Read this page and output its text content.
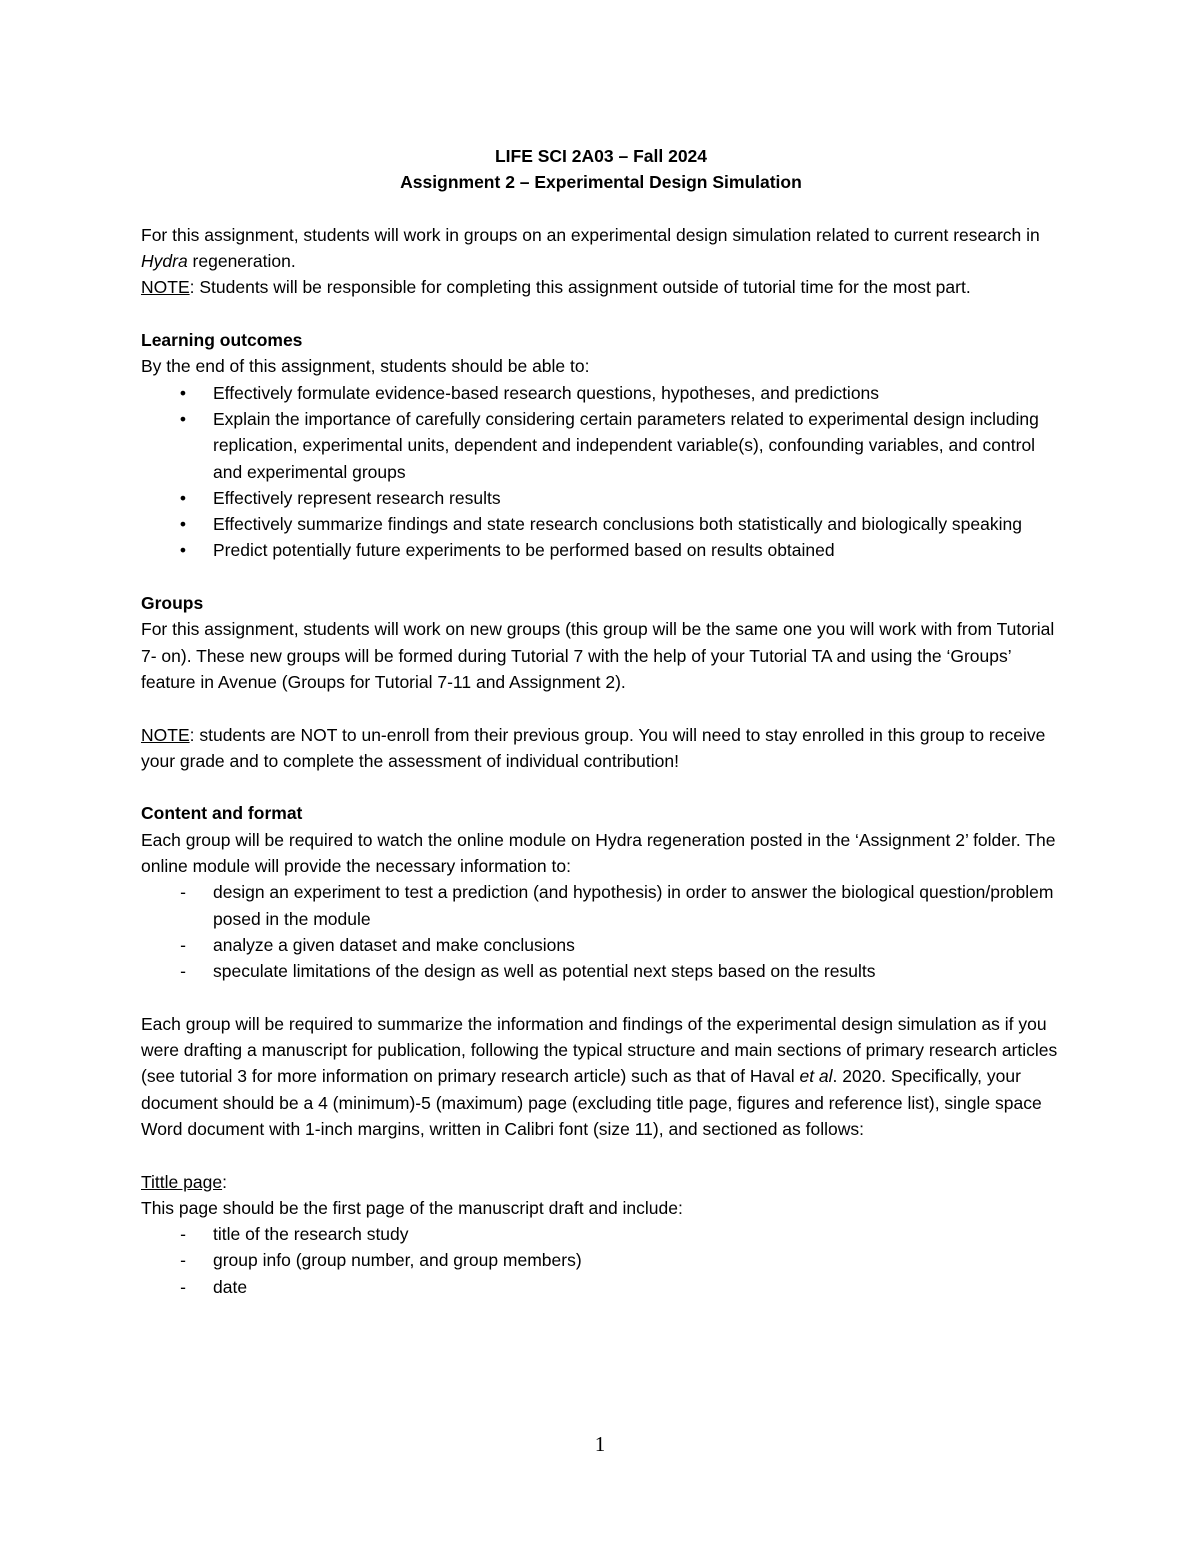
LIFE SCI 2A03 – Fall 2024
Assignment 2 – Experimental Design Simulation

For this assignment, students will work in groups on an experimental design simulation related to current research in Hydra regeneration.

NOTE: Students will be responsible for completing this assignment outside of tutorial time for the most part.

Learning outcomes
By the end of this assignment, students should be able to:
•	Effectively formulate evidence-based research questions, hypotheses, and predictions
•	Explain the importance of carefully considering certain parameters related to experimental design including replication, experimental units, dependent and independent variable(s), confounding variables, and control and experimental groups
•	Effectively represent research results
•	Effectively summarize findings and state research conclusions both statistically and biologically speaking
•	Predict potentially future experiments to be performed based on results obtained
Groups

For this assignment, students will work on new groups (this group will be the same one you will work with from Tutorial 7- on). These new groups will be formed during Tutorial 7 with the help of your Tutorial TA and using the ‘Groups’ feature in Avenue (Groups for Tutorial 7-11 and Assignment 2).

NOTE: students are NOT to un-enroll from their previous group. You will need to stay enrolled in this group to receive your grade and to complete the assessment of individual contribution!

Content and format

Each group will be required to watch the online module on Hydra regeneration posted in the ‘Assignment 2’ folder. The online module will provide the necessary information to:

-	design an experiment to test a prediction (and hypothesis) in order to answer the biological question/problem posed in the module
-	analyze a given dataset and make conclusions
-	speculate limitations of the design as well as potential next steps based on the results

Each group will be required to summarize the information and findings of the experimental design simulation as if you were drafting a manuscript for publication, following the typical structure and main sections of primary research articles (see tutorial 3 for more information on primary research article) such as that of Haval et al. 2020. Specifically, your document should be a 4 (minimum)-5 (maximum) page (excluding title page, figures and reference list), single space Word document with 1-inch margins, written in Calibri font (size 11), and sectioned as follows:

Tittle page:
This page should be the first page of the manuscript draft and include:
-	title of the research study
-	group info (group number, and group members)
-	date
1
